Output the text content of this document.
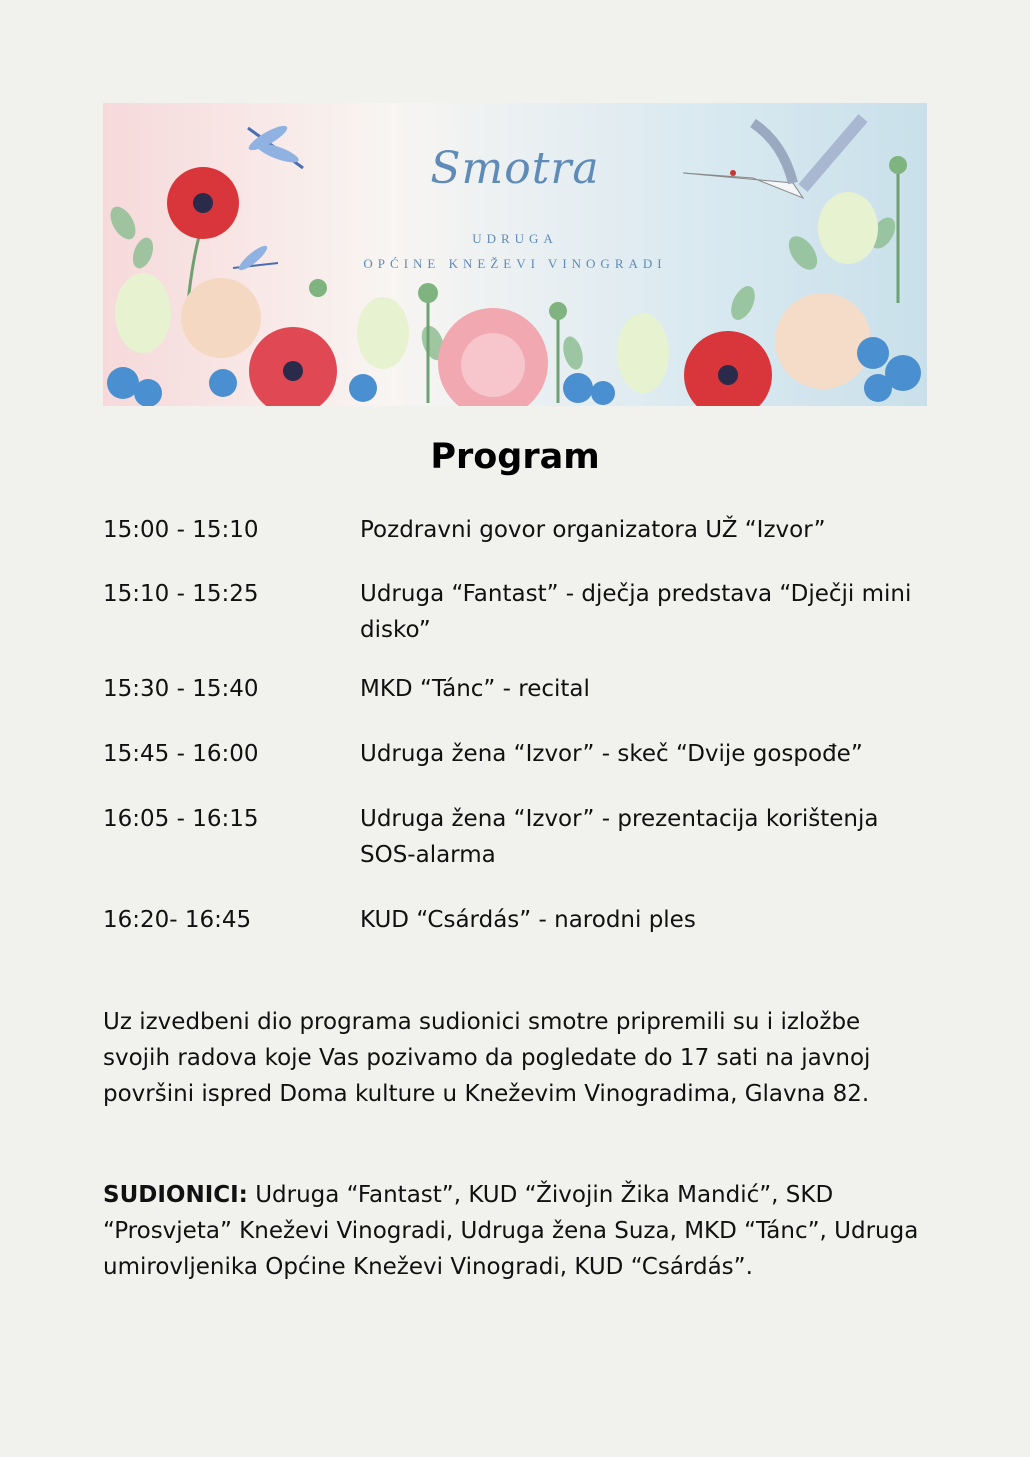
Smotra
UDRUGA
OPĆINE KNEŽEVI VINOGRADI
Program
15:00 - 15:10	Pozdravni govor organizatora UŽ “Izvor”
15:10 - 15:25	Udruga “Fantast” - dječja predstava “Dječji mini disko”
15:30 - 15:40	MKD “Tánc” - recital
15:45 - 16:00	Udruga žena “Izvor” - skeč “Dvije gospođe”
16:05 - 16:15	Udruga žena “Izvor” - prezentacija korištenja SOS-alarma
16:20- 16:45	KUD “Csárdás” - narodni ples

Uz izvedbeni dio programa sudionici smotre pripremili su i izložbe svojih radova koje Vas pozivamo da pogledate do 17 sati na javnoj površini ispred Doma kulture u Kneževim Vinogradima, Glavna 82.

SUDIONICI: Udruga “Fantast”, KUD “Živojin Žika Mandić”, SKD “Prosvjeta” Kneževi Vinogradi, Udruga žena Suza, MKD “Tánc”, Udruga umirovljenika Općine Kneževi Vinogradi, KUD “Csárdás”.
